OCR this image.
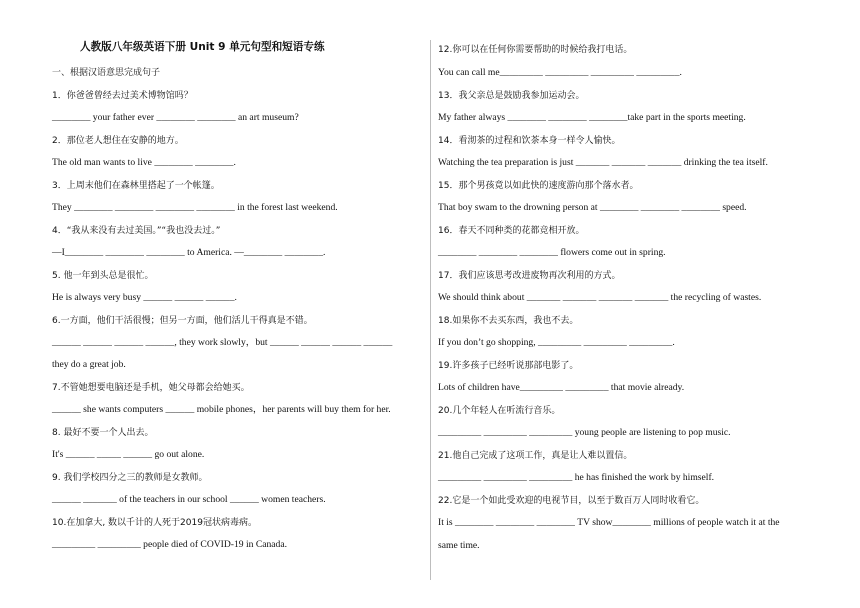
人教版八年级英语下册 Unit 9 单元句型和短语专练
一、根据汉语意思完成句子
1．你爸爸曾经去过美术博物馆吗？
________ your father ever ________ ________ an art museum?
2．那位老人想住在安静的地方。
The old man wants to live ________ ________.
3．上周末他们在森林里搭起了一个帐篷。
They ________ ________ ________ ________ in the forest last weekend.
4．“我从来没有去过美国。”“我也没去过。”
—I________ ________ ________ to America. —________ ________.
5. 他一年到头总是很忙。
He is always very busy ______ ______ ______.
6.一方面，他们干活很慢；但另一方面，他们活儿干得真是不错。
______ ______ ______ ______, they work slowly，but ______ ______ ______ ______
they do a great job.
7.不管她想要电脑还是手机，她父母都会给她买。
______ she wants computers ______ mobile phones，her parents will buy them for her.
8. 最好不要一个人出去。
It's ______ _____ ______ go out alone.
9. 我们学校四分之三的教师是女教师。
______ _______ of the teachers in our school ______ women teachers.
10.在加拿大, 数以千计的人死于2019冠状病毒病。
_________ _________ people died of COVID-19 in Canada.
12.你可以在任何你需要帮助的时候给我打电话。
You can call me_________ _________ _________ _________.
13．我父亲总是鼓励我参加运动会。
My father always ________ ________ ________take part in the sports meeting.
14．看沏茶的过程和饮茶本身一样令人愉快。
Watching the tea preparation is just _______ _______ _______ drinking the tea itself.
15．那个男孩竟以如此快的速度游向那个落水者。
That boy swam to the drowning person at ________ ________ ________ speed.
16．春天不同种类的花都竞相开放。
________ ________ ________ flowers come out in spring.
17．我们应该思考改进废物再次利用的方式。
We should think about _______ _______ _______ _______ the recycling of wastes.
18.如果你不去买东西，我也不去。
If you don’t go shopping, _________ _________ _________.
19.许多孩子已经听说那部电影了。
Lots of children have_________ _________ that movie already.
20.几个年轻人在听流行音乐。
_________ _________ _________ young people are listening to pop music.
21.他自己完成了这项工作，真是让人难以置信。
_________ _________ _________ he has finished the work by himself.
22.它是一个如此受欢迎的电视节目，以至于数百万人同时收看它。
It is ________ ________ ________ TV show________ millions of people watch it at the
same time.
